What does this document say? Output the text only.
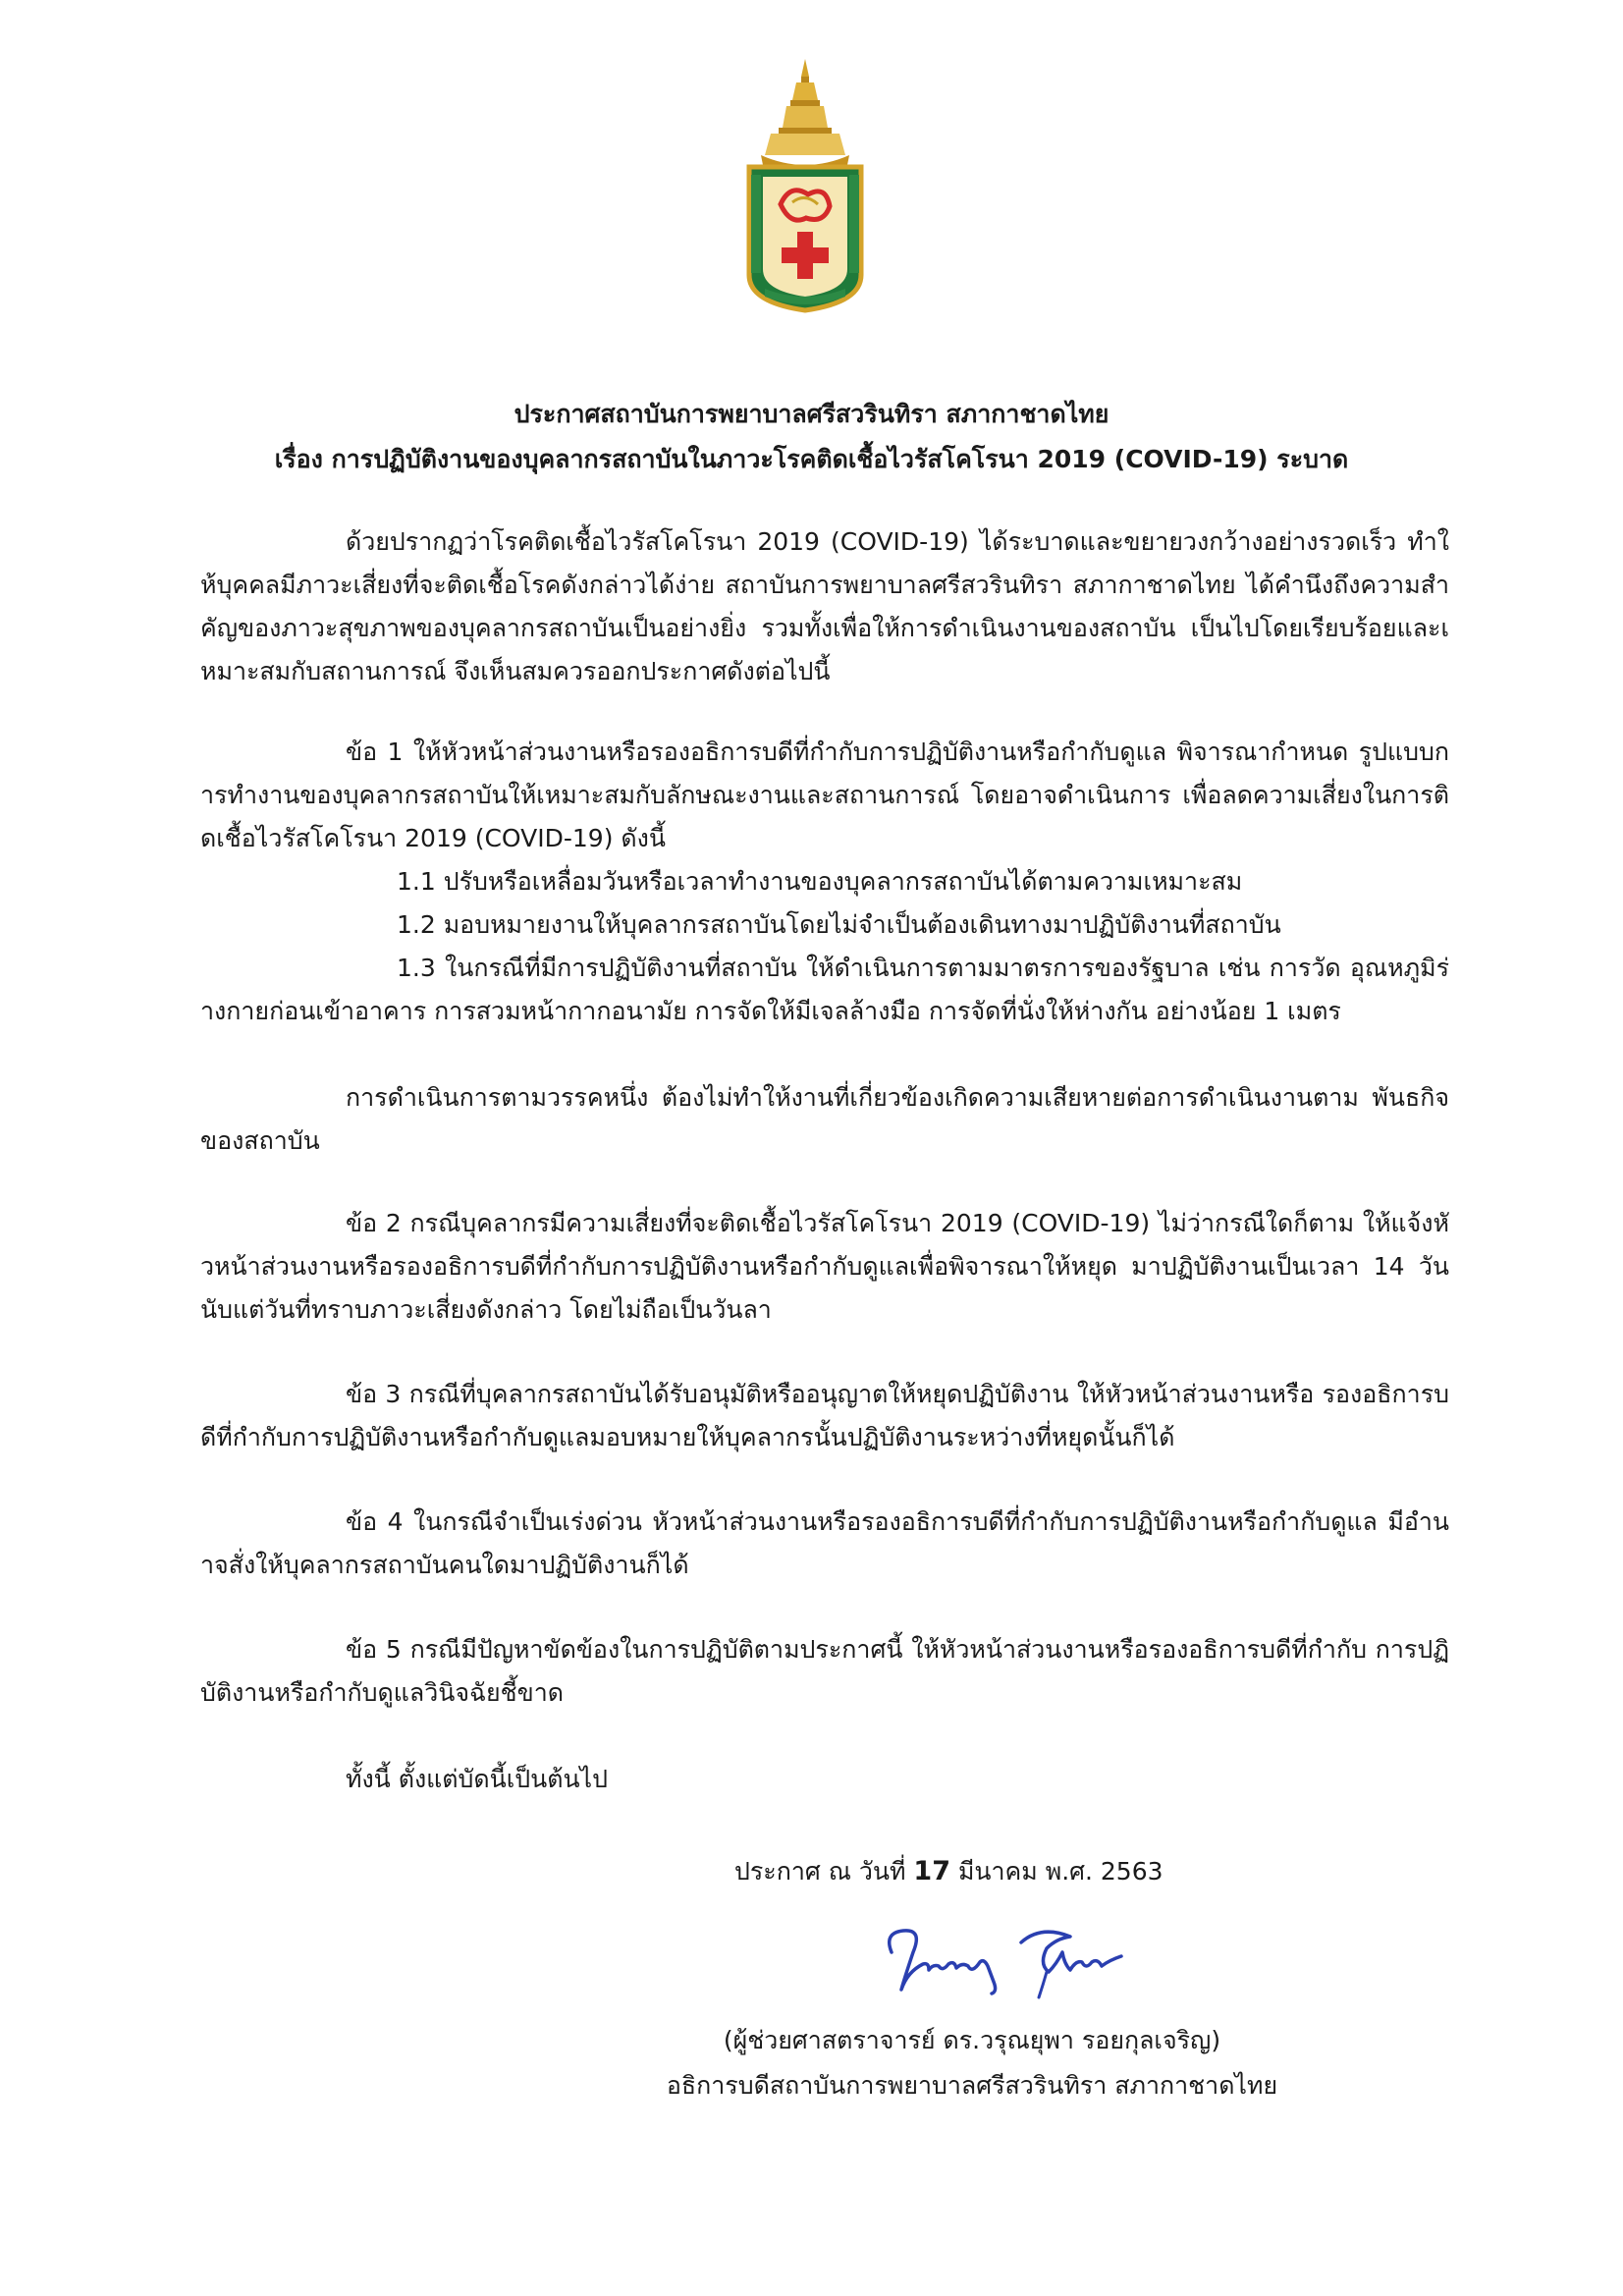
ประกาศสถาบันการพยาบาลศรีสวรินทิรา สภากาชาดไทย
เรื่อง การปฏิบัติงานของบุคลากรสถาบันในภาวะโรคติดเชื้อไวรัสโคโรนา 2019 (COVID-19) ระบาด

ด้วยปรากฏว่าโรคติดเชื้อไวรัสโคโรนา 2019 (COVID-19) ได้ระบาดและขยายวงกว้างอย่างรวดเร็ว ทำให้บุคคลมีภาวะเสี่ยงที่จะติดเชื้อโรคดังกล่าวได้ง่าย สถาบันการพยาบาลศรีสวรินทิรา สภากาชาดไทย ได้คำนึงถึงความสำคัญของภาวะสุขภาพของบุคลากรสถาบันเป็นอย่างยิ่ง รวมทั้งเพื่อให้การดำเนินงานของสถาบัน เป็นไปโดยเรียบร้อยและเหมาะสมกับสถานการณ์ จึงเห็นสมควรออกประกาศดังต่อไปนี้

ข้อ 1 ให้หัวหน้าส่วนงานหรือรองอธิการบดีที่กำกับการปฏิบัติงานหรือกำกับดูแล พิจารณากำหนด รูปแบบการทำงานของบุคลากรสถาบันให้เหมาะสมกับลักษณะงานและสถานการณ์ โดยอาจดำเนินการ เพื่อลดความเสี่ยงในการติดเชื้อไวรัสโคโรนา 2019 (COVID-19) ดังนี้

1.1 ปรับหรือเหลื่อมวันหรือเวลาทำงานของบุคลากรสถาบันได้ตามความเหมาะสม

1.2 มอบหมายงานให้บุคลากรสถาบันโดยไม่จำเป็นต้องเดินทางมาปฏิบัติงานที่สถาบัน

1.3 ในกรณีที่มีการปฏิบัติงานที่สถาบัน ให้ดำเนินการตามมาตรการของรัฐบาล เช่น การวัด อุณหภูมิร่างกายก่อนเข้าอาคาร การสวมหน้ากากอนามัย การจัดให้มีเจลล้างมือ การจัดที่นั่งให้ห่างกัน อย่างน้อย 1 เมตร

การดำเนินการตามวรรคหนึ่ง ต้องไม่ทำให้งานที่เกี่ยวข้องเกิดความเสียหายต่อการดำเนินงานตาม พันธกิจของสถาบัน

ข้อ 2 กรณีบุคลากรมีความเสี่ยงที่จะติดเชื้อไวรัสโคโรนา 2019 (COVID-19) ไม่ว่ากรณีใดก็ตาม ให้แจ้งหัวหน้าส่วนงานหรือรองอธิการบดีที่กำกับการปฏิบัติงานหรือกำกับดูแลเพื่อพิจารณาให้หยุด มาปฏิบัติงานเป็นเวลา 14 วัน นับแต่วันที่ทราบภาวะเสี่ยงดังกล่าว โดยไม่ถือเป็นวันลา

ข้อ 3 กรณีที่บุคลากรสถาบันได้รับอนุมัติหรืออนุญาตให้หยุดปฏิบัติงาน ให้หัวหน้าส่วนงานหรือ รองอธิการบดีที่กำกับการปฏิบัติงานหรือกำกับดูแลมอบหมายให้บุคลากรนั้นปฏิบัติงานระหว่างที่หยุดนั้นก็ได้

ข้อ 4 ในกรณีจำเป็นเร่งด่วน หัวหน้าส่วนงานหรือรองอธิการบดีที่กำกับการปฏิบัติงานหรือกำกับดูแล มีอำนาจสั่งให้บุคลากรสถาบันคนใดมาปฏิบัติงานก็ได้

ข้อ 5 กรณีมีปัญหาขัดข้องในการปฏิบัติตามประกาศนี้ ให้หัวหน้าส่วนงานหรือรองอธิการบดีที่กำกับ การปฏิบัติงานหรือกำกับดูแลวินิจฉัยชี้ขาด

ทั้งนี้ ตั้งแต่บัดนี้เป็นต้นไป

ประกาศ ณ วันที่ 17 มีนาคม พ.ศ. 2563
(ผู้ช่วยศาสตราจารย์ ดร.วรุณยุพา รอยกุลเจริญ)
อธิการบดีสถาบันการพยาบาลศรีสวรินทิรา สภากาชาดไทย
